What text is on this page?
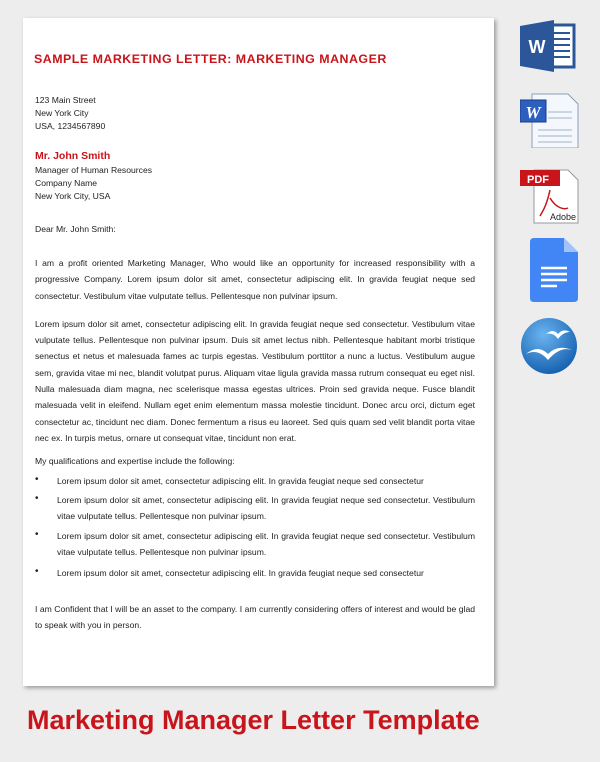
SAMPLE MARKETING LETTER: MARKETING MANAGER
123 Main Street
New York City
USA, 1234567890
Mr. John Smith
Manager of Human Resources
Company Name
New York City, USA
Dear Mr. John Smith:
I am a profit oriented Marketing Manager, Who would like an opportunity for increased responsibility with a progressive Company. Lorem ipsum dolor sit amet, consectetur adipiscing elit. In gravida feugiat neque sed consectetur. Vestibulum vitae vulputate tellus. Pellentesque non pulvinar ipsum.
Lorem ipsum dolor sit amet, consectetur adipiscing elit. In gravida feugiat neque sed consectetur. Vestibulum vitae vulputate tellus. Pellentesque non pulvinar ipsum. Duis sit amet lectus nibh. Pellentesque habitant morbi tristique senectus et netus et malesuada fames ac turpis egestas. Vestibulum porttitor a nunc a luctus. Vestibulum augue sem, gravida vitae mi nec, blandit volutpat purus. Aliquam vitae ligula gravida massa rutrum consequat eu eget nisl. Nulla malesuada diam magna, nec scelerisque massa egestas ultrices. Proin sed gravida neque. Fusce blandit malesuada velit in eleifend. Nullam eget enim elementum massa molestie tincidunt. Donec arcu orci, dictum eget consectetur ac, tincidunt nec diam. Donec fermentum a risus eu laoreet. Sed quis quam sed velit blandit porta vitae nec ex. In turpis metus, ornare ut consequat vitae, tincidunt non erat.
My qualifications and expertise include the following:
• Lorem ipsum dolor sit amet, consectetur adipiscing elit. In gravida feugiat neque sed consectetur
• Lorem ipsum dolor sit amet, consectetur adipiscing elit. In gravida feugiat neque sed consectetur. Vestibulum vitae vulputate tellus. Pellentesque non pulvinar ipsum.
• Lorem ipsum dolor sit amet, consectetur adipiscing elit. In gravida feugiat neque sed consectetur. Vestibulum vitae vulputate tellus. Pellentesque non pulvinar ipsum.
• Lorem ipsum dolor sit amet, consectetur adipiscing elit. In gravida feugiat neque sed consectetur
I am Confident that I will be an asset to the company. I am currently considering offers of interest and would be glad to speak with you in person.
Marketing Manager Letter Template
W
W
PDF
Adobe
